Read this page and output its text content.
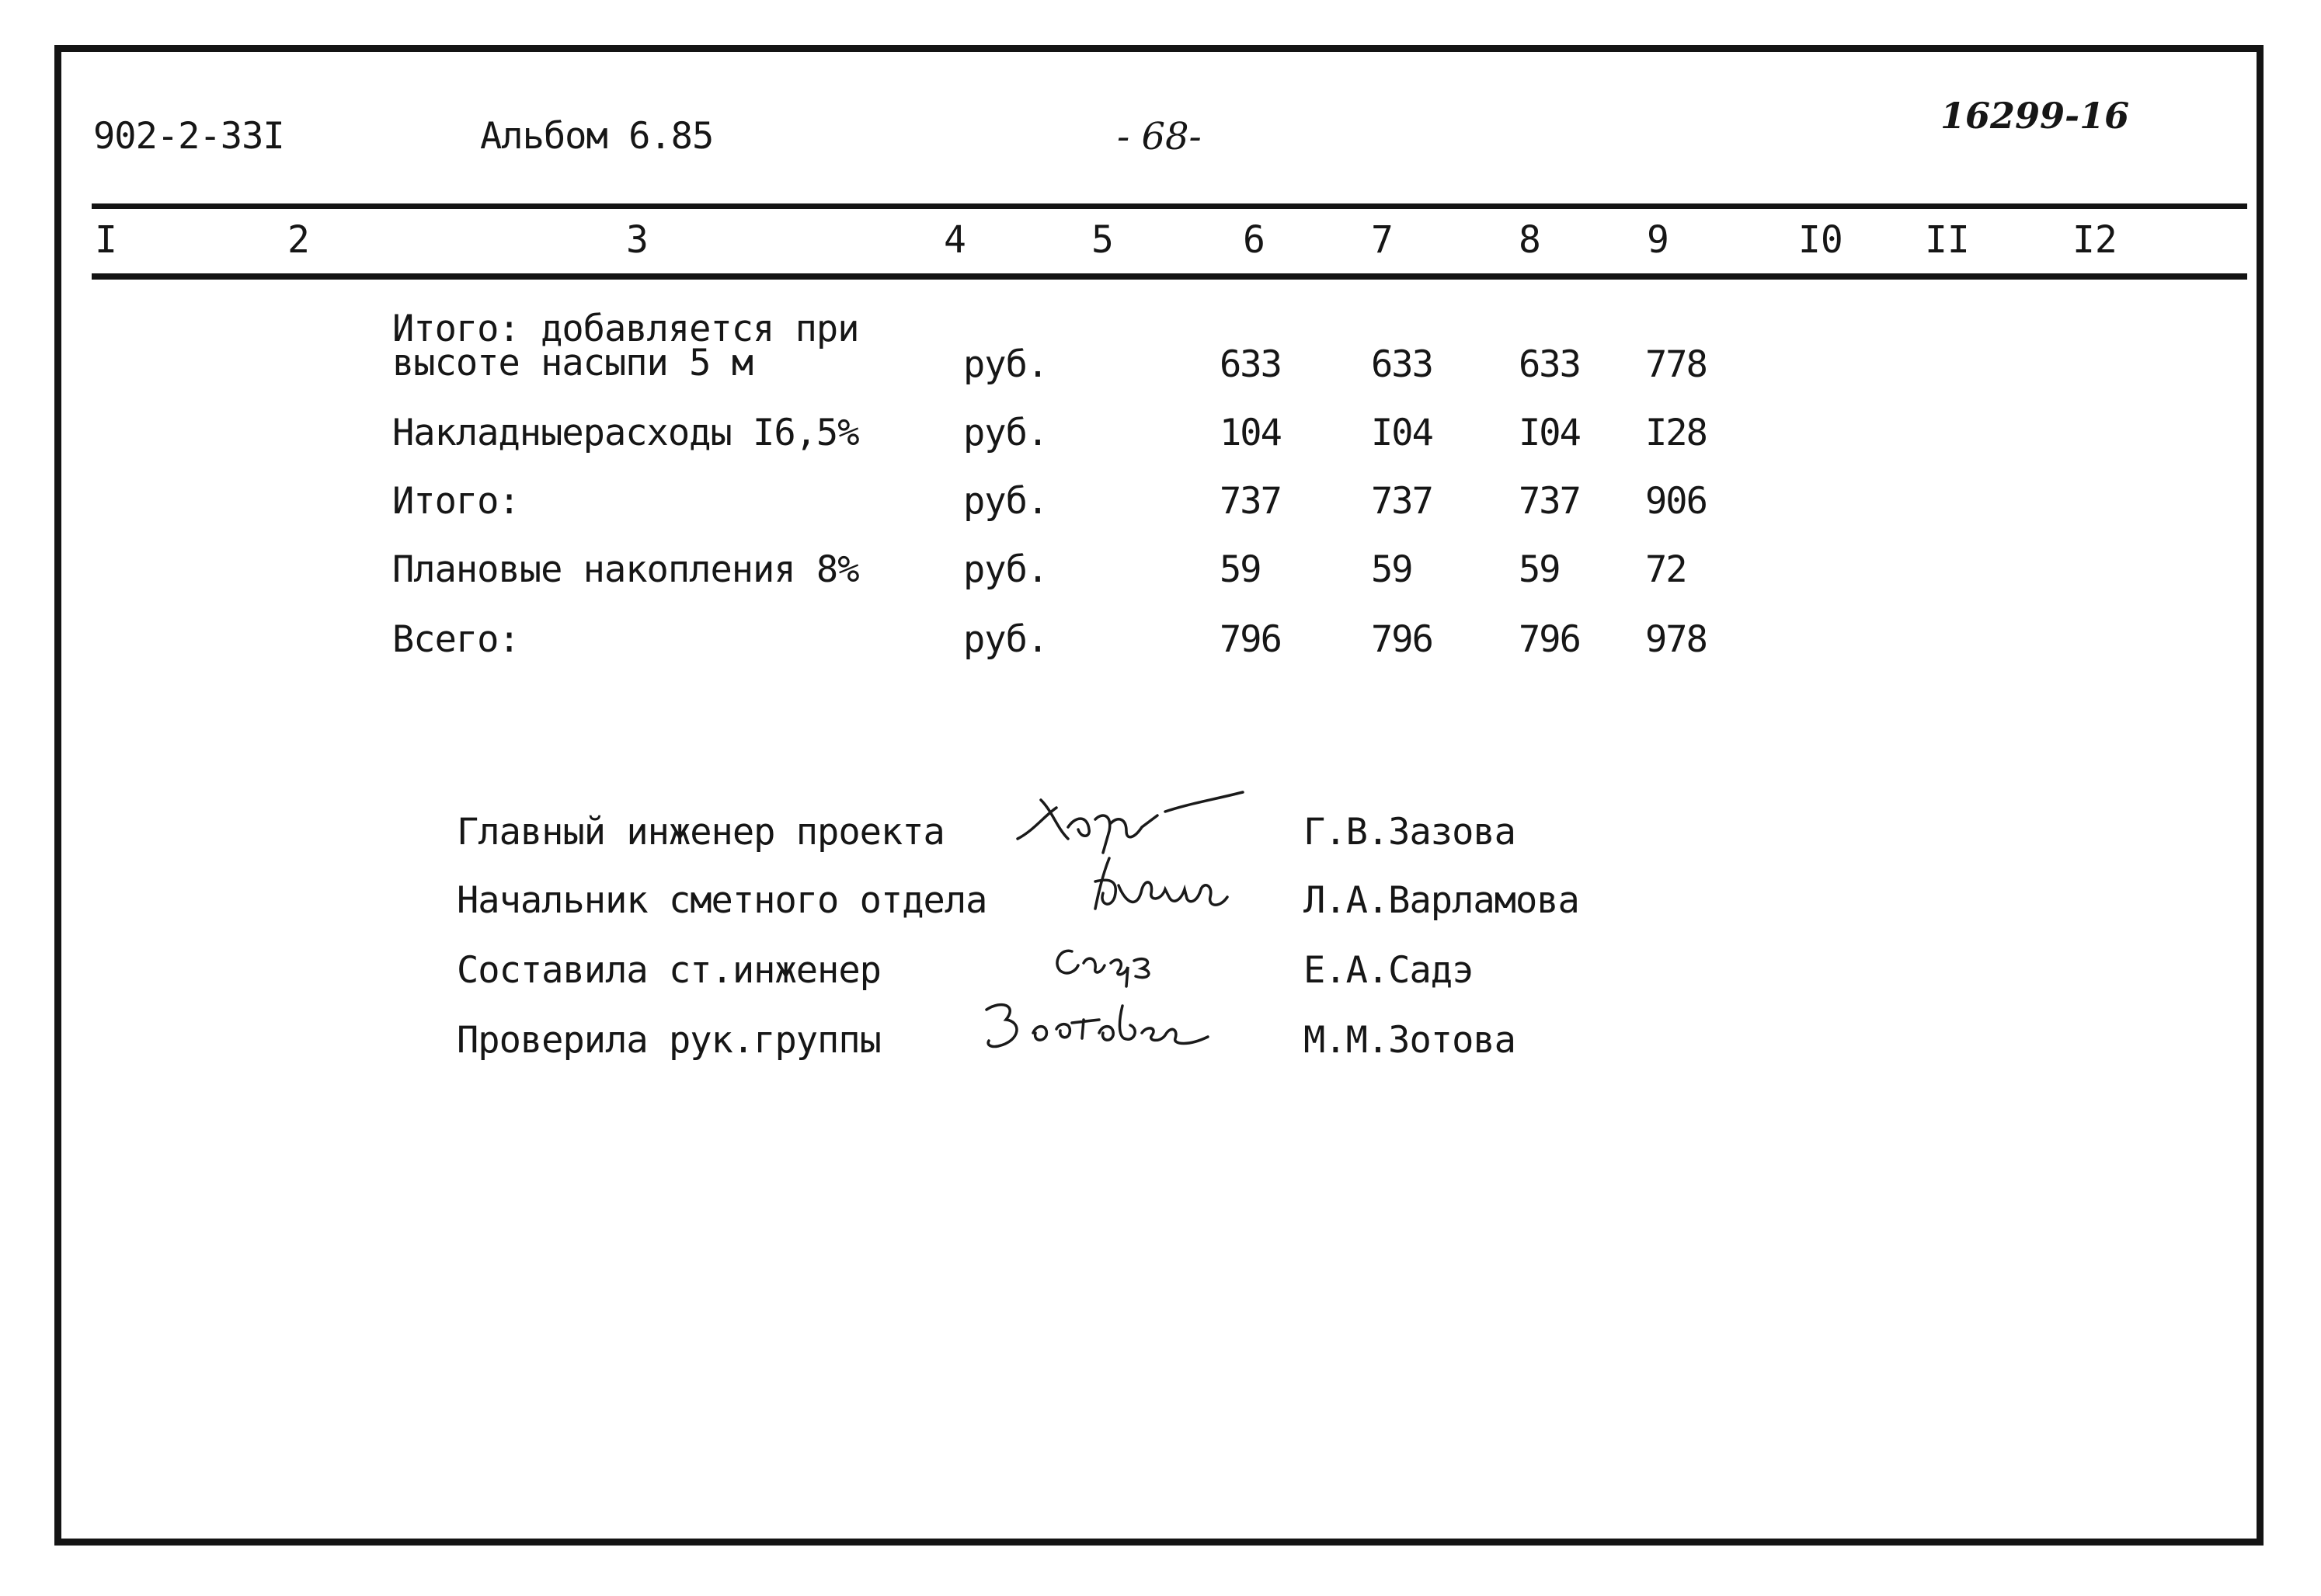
902-2-33I	Альбом 6.85	- 68-	16299-16
I	2	3	4	5	6	7	8	9	I0 II	I2
Итого: добавляется при
высоте насыпи 5 м	руб.	633 633 633 778
Накладныерасходы I6,5%	руб.	104 I04 I04 I28
Итого:	руб.	737 737 737 906
Плановые накопления 8%	руб.	59	59	59 72
Всего:	руб.	796 796 796 978
Главный инженер проекта	Г.В.Зазова
Начальник сметного отдела	Л.А.Варламова
Составила ст.инженер	Е.А.Садэ
Проверила рук.группы	М.М.Зотова
